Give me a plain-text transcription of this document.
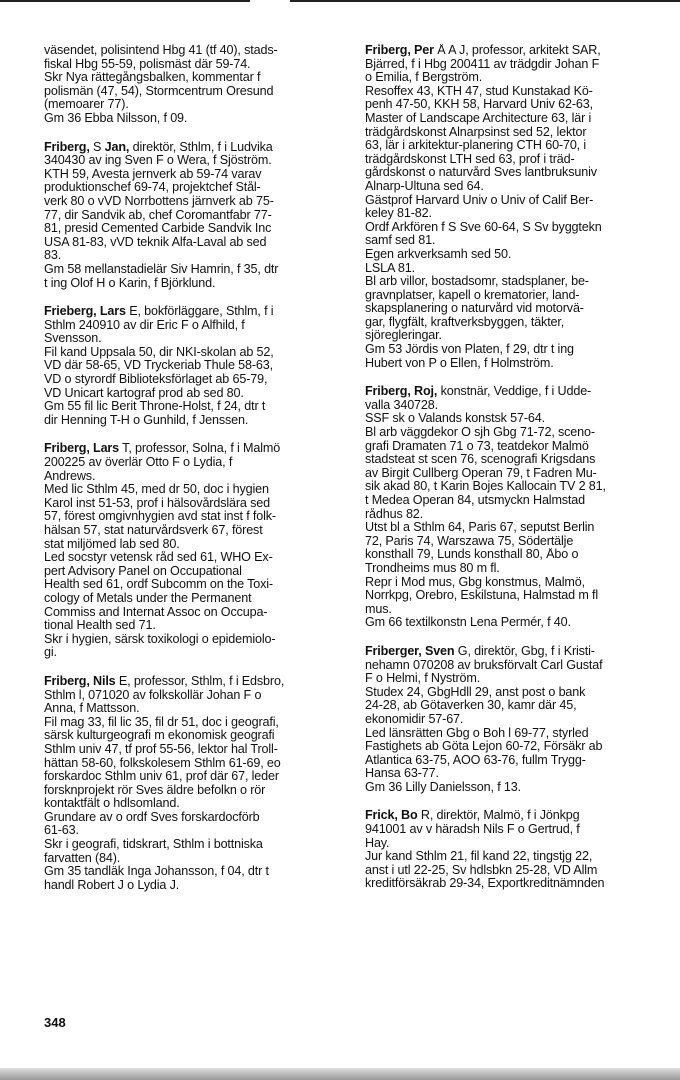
väsendet, polisintend Hbg 41 (tf 40), stads-
fiskal Hbg 55-59, polismäst där 59-74.
Skr Nya rättegångsbalken, kommentar f
polismän (47, 54), Stormcentrum Öresund
(memoarer 77).
Gm 36 Ebba Nilsson, f 09.
Friberg, S Jan, direktör, Sthlm, f i Ludvika
340430 av ing Sven F o Wera, f Sjöström.
KTH 59, Avesta jernverk ab 59-74 varav
produktionschef 69-74, projektchef Stål-
verk 80 o vVD Norrbottens järnverk ab 75-
77, dir Sandvik ab, chef Coromantfabr 77-
81, presid Cemented Carbide Sandvik Inc
USA 81-83, vVD teknik Alfa-Laval ab sed
83.
Gm 58 mellanstadielär Siv Hamrin, f 35, dtr
t ing Olof H o Karin, f Björklund.
Frieberg, Lars E, bokförläggare, Sthlm, f i
Sthlm 240910 av dir Eric F o Alfhild, f
Svensson.
Fil kand Uppsala 50, dir NKI-skolan ab 52,
VD där 58-65, VD Tryckeriab Thule 58-63,
VD o styrordf Biblioteksförlaget ab 65-79,
VD Unicart kartograf prod ab sed 80.
Gm 55 fil lic Berit Throne-Holst, f 24, dtr t
dir Henning T-H o Gunhild, f Jenssen.
Friberg, Lars T, professor, Solna, f i Malmö
200225 av överlär Otto F o Lydia, f
Andrews.
Med lic Sthlm 45, med dr 50, doc i hygien
Karol inst 51-53, prof i hälsovårdslära sed
57, förest omgivnhygien avd stat inst f folk-
hälsan 57, stat naturvårdsverk 67, förest
stat miljömed lab sed 80.
Led socstyr vetensk råd sed 61, WHO Ex-
pert Advisory Panel on Occupational
Health sed 61, ordf Subcomm on the Toxi-
cology of Metals under the Permanent
Commiss and Internat Assoc on Occupa-
tional Health sed 71.
Skr i hygien, särsk toxikologi o epidemiolo-
gi.
Friberg, Nils E, professor, Sthlm, f i Edsbro,
Sthlm l, 071020 av folkskollär Johan F o
Anna, f Mattsson.
Fil mag 33, fil lic 35, fil dr 51, doc i geografi,
särsk kulturgeografi m ekonomisk geografi
Sthlm univ 47, tf prof 55-56, lektor hal Troll-
hättan 58-60, folkskolesem Sthlm 61-69, eo
forskardoc Sthlm univ 61, prof där 67, leder
forsknprojekt rör Sves äldre befolkn o rör
kontaktfält o hdlsomland.
Grundare av o ordf Sves forskardocförb
61-63.
Skr i geografi, tidskrart, Sthlm i bottniska
farvatten (84).
Gm 35 tandläk Inga Johansson, f 04, dtr t
handl Robert J o Lydia J.
Friberg, Per Å A J, professor, arkitekt SAR,
Bjärred, f i Hbg 200411 av trädgdir Johan F
o Emilia, f Bergström.
Resoffex 43, KTH 47, stud Kunstakad Kö-
penh 47-50, KKH 58, Harvard Univ 62-63,
Master of Landscape Architecture 63, lär i
trädgårdskonst Alnarpsinst sed 52, lektor
63, lär i arkitektur-planering CTH 60-70, i
trädgårdskonst LTH sed 63, prof i träd-
gårdskonst o naturvård Sves lantbruksuniv
Alnarp-Ultuna sed 64.
Gästprof Harvard Univ o Univ of Calif Ber-
keley 81-82.
Ordf Arkfören f S Sve 60-64, S Sv byggtekn
samf sed 81.
Egen arkverksamh sed 50.
LSLA 81.
Bl arb villor, bostadsomr, stadsplaner, be-
gravnplatser, kapell o krematorier, land-
skapsplanering o naturvård vid motorvä-
gar, flygfält, kraftverksbyggen, täkter,
sjöregleringar.
Gm 53 Jördis von Platen, f 29, dtr t ing
Hubert von P o Ellen, f Holmström.
Friberg, Roj, konstnär, Veddige, f i Udde-
valla 340728.
SSF sk o Valands konstsk 57-64.
Bl arb väggdekor Ö sjh Gbg 71-72, sceno-
grafi Dramaten 71 o 73, teatdekor Malmö
stadsteat st scen 76, scenografi Krigsdans
av Birgit Cullberg Operan 79, t Fadren Mu-
sik akad 80, t Karin Bojes Kallocain TV 2 81,
t Medea Operan 84, utsmyckn Halmstad
rådhus 82.
Utst bl a Sthlm 64, Paris 67, seputst Berlin
72, Paris 74, Warszawa 75, Södertälje
konsthall 79, Lunds konsthall 80, Åbo o
Trondheims mus 80 m fl.
Repr i Mod mus, Gbg konstmus, Malmö,
Norrkpg, Örebro, Eskilstuna, Halmstad m fl
mus.
Gm 66 textilkonstn Lena Permér, f 40.
Friberger, Sven G, direktör, Gbg, f i Kristi-
nehamn 070208 av bruksförvalt Carl Gustaf
F o Helmi, f Nyström.
Studex 24, GbgHdll 29, anst post o bank
24-28, ab Götaverken 30, kamr där 45,
ekonomidir 57-67.
Led länsrätten Gbg o Boh l 69-77, styrled
Fastighets ab Göta Lejon 60-72, Försäkr ab
Atlantica 63-75, AÖO 63-76, fullm Trygg-
Hansa 63-77.
Gm 36 Lilly Danielsson, f 13.
Frick, Bo R, direktör, Malmö, f i Jönkpg
941001 av v häradsh Nils F o Gertrud, f
Hay.
Jur kand Sthlm 21, fil kand 22, tingstjg 22,
anst i utl 22-25, Sv hdlsbkn 25-28, VD Allm
kreditförsäkrab 29-34, Exportkreditnämnden
348
